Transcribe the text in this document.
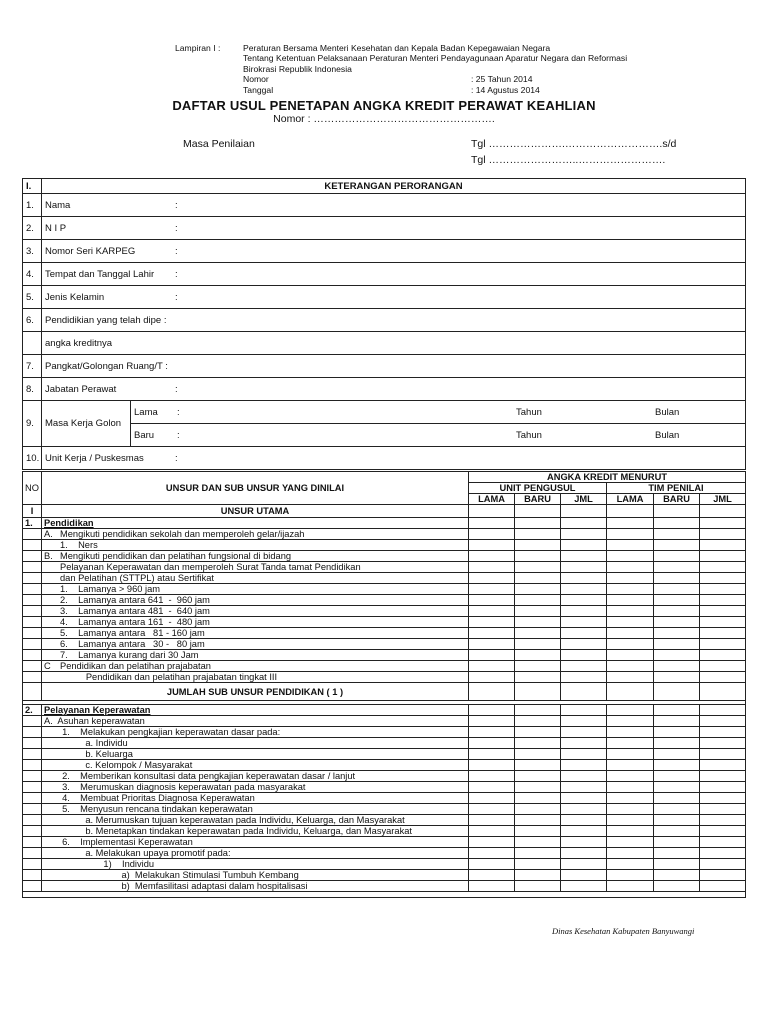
Lampiran I :	Peraturan Bersama Menteri Kesehatan dan Kepala Badan Kepegawaian Negara
Tentang Ketentuan Pelaksanaan Peraturan Menteri Pendayagunaan Aparatur Negara dan Reformasi
Birokrasi Republik Indonesia
Nomor	: 25 Tahun 2014
Tanggal	: 14 Agustus 2014
DAFTAR USUL PENETAPAN ANGKA KREDIT PERAWAT KEAHLIAN
Nomor : …………………………………………….
Masa Penilaian	Tgl ………………….……………………….s/d
Tgl ……………………..…………………….
I.	KETERANGAN PERORANGAN	
1.	Nama :	

2.	N I P :	

3.	Nomor Seri KARPEG :	

4.	Tempat dan Tanggal Lahir :	

5.	Jenis Kelamin :	

6.	Pendidikian yang telah dipe :	
	angka kreditnya	
7.	Pangkat/Golongan Ruang/T :	
8.	Jabatan Perawat :	

9.	Masa Kerja Golon	Lama : Tahun Bulan

		Baru : Tahun Bulan

10.	Unit Kerja / Puskesmas :	
NO	UNSUR DAN SUB UNSUR YANG DINILAI	ANGKA KREDIT MENURUT					
		UNIT PENGUSUL			TIM PENILAI		
		LAMA	BARU	JML	LAMA	BARU	JML
I	UNSUR UTAMA						
1.	Pendidikan						
	A. Mengikuti pendidikan sekolah dan memperoleh gelar/ijazah						
	1.    Ners						
	B. Mengikuti pendidikan dan pelatihan fungsional di bidang						
	Pelayanan Keperawatan dan memperoleh Surat Tanda tamat Pendidikan						
	dan Pelatihan (STTPL) atau Sertifikat						
	1.    Lamanya > 960 jam						
	2.    Lamanya antara 641  -  960 jam						
	3.    Lamanya antara 481  -  640 jam						
	4.    Lamanya antara 161  -  480 jam						
	5.    Lamanya antara   81 - 160 jam						
	6.    Lamanya antara   30 -   80 jam						
	7.    Lamanya kurang dari 30 Jam						
	C Pendidikan dan pelatihan prajabatan						
	Pendidikan dan pelatihan prajabatan tingkat III						
	JUMLAH SUB UNSUR PENDIDIKAN ( 1 )						

2.	Pelayanan Keperawatan						
	A.  Asuhan keperawatan						
	1.    Melakukan pengkajian keperawatan dasar pada:						
	a. Individu						
	b. Keluarga						
	c. Kelompok / Masyarakat						
	2.    Memberikan konsultasi data pengkajian keperawatan dasar / lanjut						
	3.    Merumuskan diagnosis keperawatan pada masyarakat						
	4.    Membuat Prioritas Diagnosa Keperawatan						
	5.    Menyusun rencana tindakan keperawatan						
	a. Merumuskan tujuan keperawatan pada Individu, Keluarga, dan Masyarakat						
	b. Menetapkan tindakan keperawatan pada Individu, Keluarga, dan Masyarakat						
	6.    Implementasi Keperawatan						
	a. Melakukan upaya promotif pada:						
	1)    Individu						
	a)  Melakukan Stimulasi Tumbuh Kembang						
	b)  Memfasilitasi adaptasi dalam hospitalisasi						

Dinas Kesehatan Kabupaten Banyuwangi
